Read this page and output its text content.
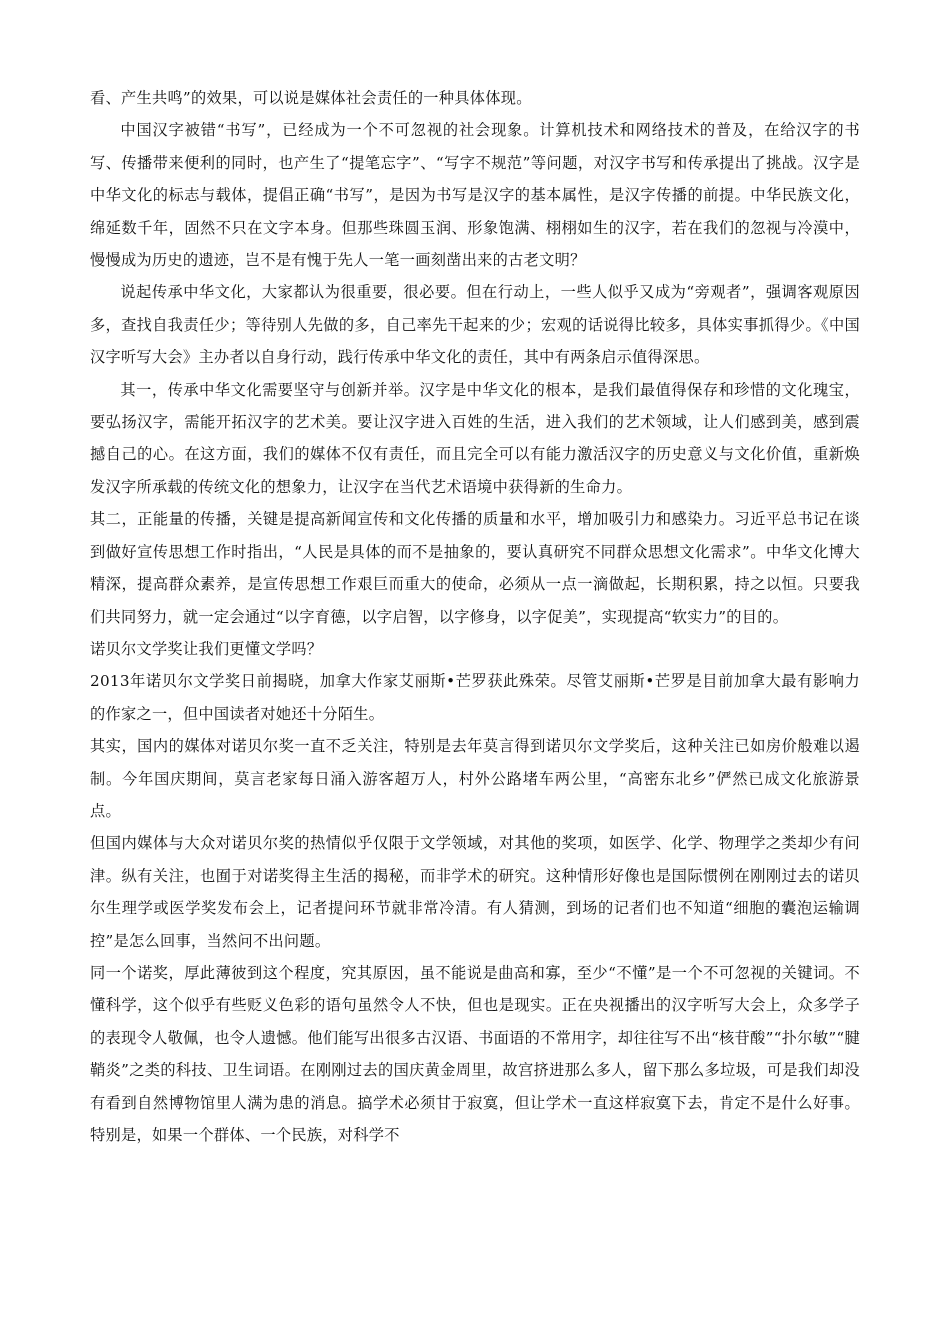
看、产生共鸣”的效果，可以说是媒体社会责任的一种具体体现。

中国汉字被错“书写”，已经成为一个不可忽视的社会现象。计算机技术和网络技术的普及，在给汉字的书写、传播带来便利的同时，也产生了“提笔忘字”、“写字不规范”等问题，对汉字书写和传承提出了挑战。汉字是中华文化的标志与载体，提倡正确“书写”，是因为书写是汉字的基本属性，是汉字传播的前提。中华民族文化，绵延数千年，固然不只在文字本身。但那些珠圆玉润、形象饱满、栩栩如生的汉字，若在我们的忽视与冷漠中，慢慢成为历史的遗迹，岂不是有愧于先人一笔一画刻凿出来的古老文明？

说起传承中华文化，大家都认为很重要，很必要。但在行动上，一些人似乎又成为“旁观者”，强调客观原因多，查找自我责任少；等待别人先做的多，自己率先干起来的少；宏观的话说得比较多，具体实事抓得少。《中国汉字听写大会》主办者以自身行动，践行传承中华文化的责任，其中有两条启示值得深思。

其一，传承中华文化需要坚守与创新并举。汉字是中华文化的根本，是我们最值得保存和珍惜的文化瑰宝，要弘扬汉字，需能开拓汉字的艺术美。要让汉字进入百姓的生活，进入我们的艺术领域，让人们感到美，感到震撼自己的心。在这方面，我们的媒体不仅有责任，而且完全可以有能力激活汉字的历史意义与文化价值，重新焕发汉字所承载的传统文化的想象力，让汉字在当代艺术语境中获得新的生命力。

其二，正能量的传播，关键是提高新闻宣传和文化传播的质量和水平，增加吸引力和感染力。习近平总书记在谈到做好宣传思想工作时指出，“人民是具体的而不是抽象的，要认真研究不同群众思想文化需求”。中华文化博大精深，提高群众素养，是宣传思想工作艰巨而重大的使命，必须从一点一滴做起，长期积累，持之以恒。只要我们共同努力，就一定会通过“以字育德，以字启智，以字修身，以字促美”，实现提高“软实力”的目的。

诺贝尔文学奖让我们更懂文学吗？

2013年诺贝尔文学奖日前揭晓，加拿大作家艾丽斯•芒罗获此殊荣。尽管艾丽斯•芒罗是目前加拿大最有影响力的作家之一，但中国读者对她还十分陌生。

其实，国内的媒体对诺贝尔奖一直不乏关注，特别是去年莫言得到诺贝尔文学奖后，这种关注已如房价般难以遏制。今年国庆期间，莫言老家每日涌入游客超万人，村外公路堵车两公里，“高密东北乡”俨然已成文化旅游景点。

但国内媒体与大众对诺贝尔奖的热情似乎仅限于文学领域，对其他的奖项，如医学、化学、物理学之类却少有问津。纵有关注，也囿于对诺奖得主生活的揭秘，而非学术的研究。这种情形好像也是国际惯例在刚刚过去的诺贝尔生理学或医学奖发布会上，记者提问环节就非常冷清。有人猜测，到场的记者们也不知道“细胞的囊泡运输调控”是怎么回事，当然问不出问题。

同一个诺奖，厚此薄彼到这个程度，究其原因，虽不能说是曲高和寡，至少“不懂”是一个不可忽视的关键词。不懂科学，这个似乎有些贬义色彩的语句虽然令人不快，但也是现实。正在央视播出的汉字听写大会上，众多学子的表现令人敬佩，也令人遗憾。他们能写出很多古汉语、书面语的不常用字，却往往写不出“核苷酸”“扑尔敏”“腱鞘炎”之类的科技、卫生词语。在刚刚过去的国庆黄金周里，故宫挤进那么多人，留下那么多垃圾，可是我们却没有看到自然博物馆里人满为患的消息。搞学术必须甘于寂寞，但让学术一直这样寂寞下去，肯定不是什么好事。特别是，如果一个群体、一个民族，对科学不
